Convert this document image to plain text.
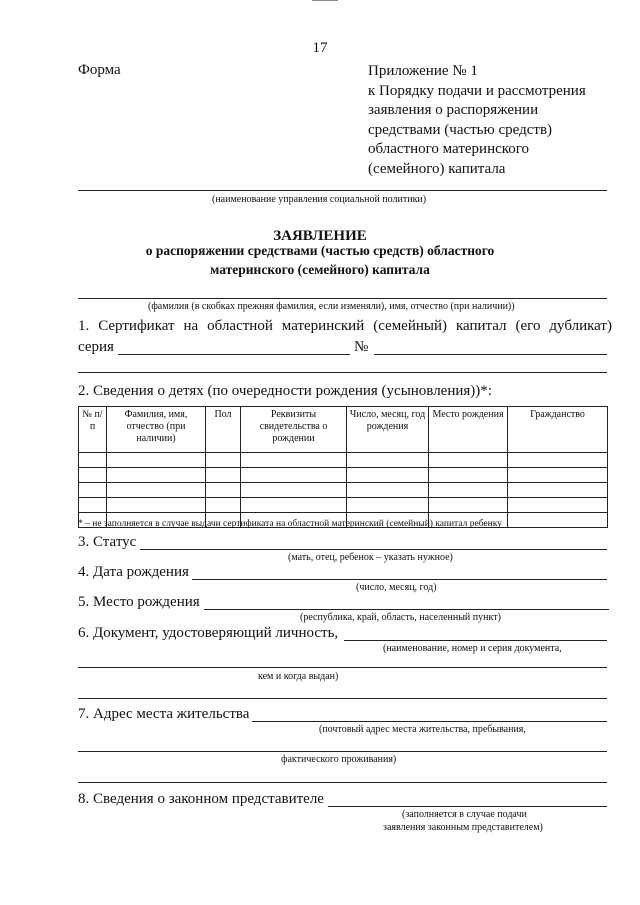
17
Форма	Приложение № 1
к Порядку подачи и рассмотрения
заявления о распоряжении
средствами (частью средств)
областного материнского
(семейного) капитала
(наименование управления социальной политики)
ЗАЯВЛЕНИЕ
о распоряжении средствами (частью средств) областного
материнского (семейного) капитала
(фамилия (в скобках прежняя фамилия, если изменяли), имя, отчество (при наличии))
1. Сертификат на областной материнский (семейный) капитал (его дубликат)
серия	№
2. Сведения о детях (по очередности рождения (усыновления))*:
№ п/п	Фамилия, имя, отчество (при наличии)	Пол	Реквизиты свидетельства о рождении	Число, месяц, год рождения	Место рождения	Гражданство

* – не заполняется в случае выдачи сертификата на областной материнский (семейный) капитал ребенку
3. Статус
(мать, отец, ребенок – указать нужное)
4. Дата рождения
(число, месяц, год)
5. Место рождения
(республика, край, область, населенный пункт)
6. Документ, удостоверяющий личность,
(наименование, номер и серия документа,
кем и когда выдан)
7. Адрес места жительства
(почтовый адрес места жительства, пребывания,
фактического проживания)
8. Сведения о законном представителе
(заполняется в случае подачи
заявления законным представителем)
